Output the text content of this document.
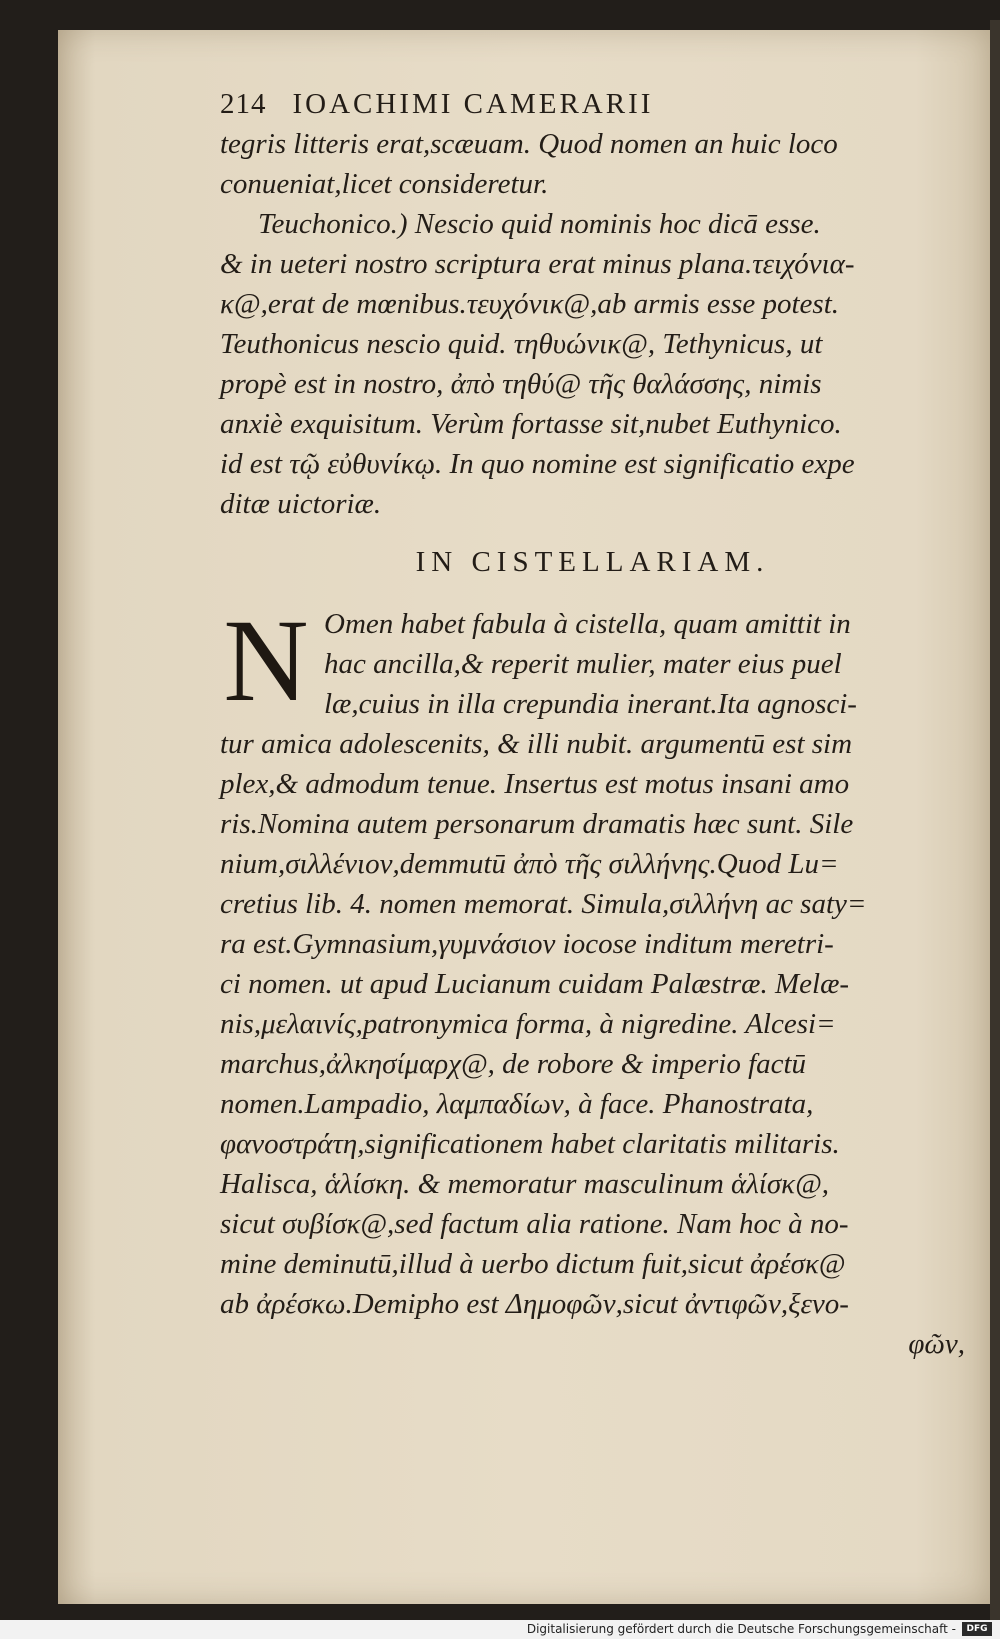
214 IOACHIMI CAMERARII
tegris litteris erat,scæuam. Quod nomen an huic loco
conueniat,licet consideretur.
Teuchonico.) Nescio quid nominis hoc dicā esse.
& in ueteri nostro scriptura erat minus plana.τειχόνια-
κ@,erat de mœnibus.τευχόνικ@,ab armis esse potest.
Teuthonicus nescio quid. τηθυώνικ@, Tethynicus, ut
propè est in nostro, ἀπὸ τηθύ@ τῆς θαλάσσης, nimis
anxiè exquisitum. Verùm fortasse sit,nubet Euthynico.
id est τῷ εὐθυνίκῳ. In quo nomine est significatio expe
ditæ uictoriæ.
IN CISTELLARIAM.
N Omen habet fabula à cistella, quam amittit in
hac ancilla,& reperit mulier, mater eius puel
læ,cuius in illa crepundia inerant.Ita agnosci-
tur amica adolescenits, & illi nubit. argumentū est sim
plex,& admodum tenue. Insertus est motus insani amo
ris.Nomina autem personarum dramatis hæc sunt. Sile
nium,σιλλένιον,demmutū ἀπὸ τῆς σιλλήνης.Quod Lu=
cretius lib. 4. nomen memorat. Simula,σιλλήνη ac saty=
ra est.Gymnasium,γυμνάσιον iocose inditum meretri-
ci nomen. ut apud Lucianum cuidam Palæstræ. Melæ-
nis,μελαινίς,patronymica forma, à nigredine. Alcesi=
marchus,ἀλκησίμαρχ@, de robore & imperio factū
nomen.Lampadio, λαμπαδίων, à face. Phanostrata,
φανοστράτη,significationem habet claritatis militaris.
Halisca, ἁλίσκη. & memoratur masculinum ἁλίσκ@,
sicut συβίσκ@,sed factum alia ratione. Nam hoc à no-
mine deminutū,illud à uerbo dictum fuit,sicut ἀρέσκ@
ab ἀρέσκω.Demipho est Δημοφῶν,sicut ἀντιφῶν,ξενο-
φῶν,
Digitalisierung gefördert durch die Deutsche Forschungsgemeinschaft -	DFG
